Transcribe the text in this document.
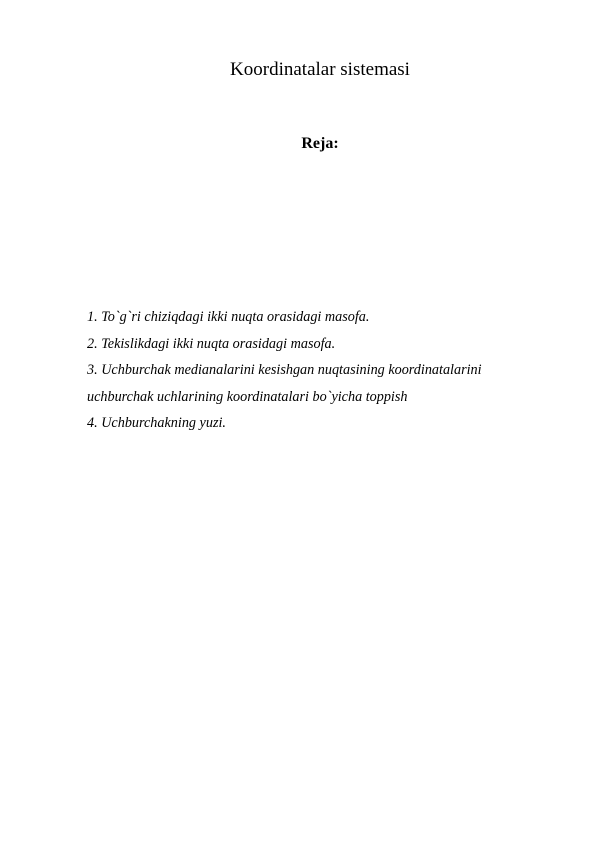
Koordinatalar sistemasi
Reja:
1. To`g`ri chiziqdagi ikki nuqta orasidagi masofa.
2. Tekislikdagi ikki nuqta orasidagi masofa.
3. Uchburchak medianalarini kesishgan nuqtasining koordinatalarini
uchburchak uchlarining koordinatalari bo`yicha toppish
4. Uchburchakning yuzi.
